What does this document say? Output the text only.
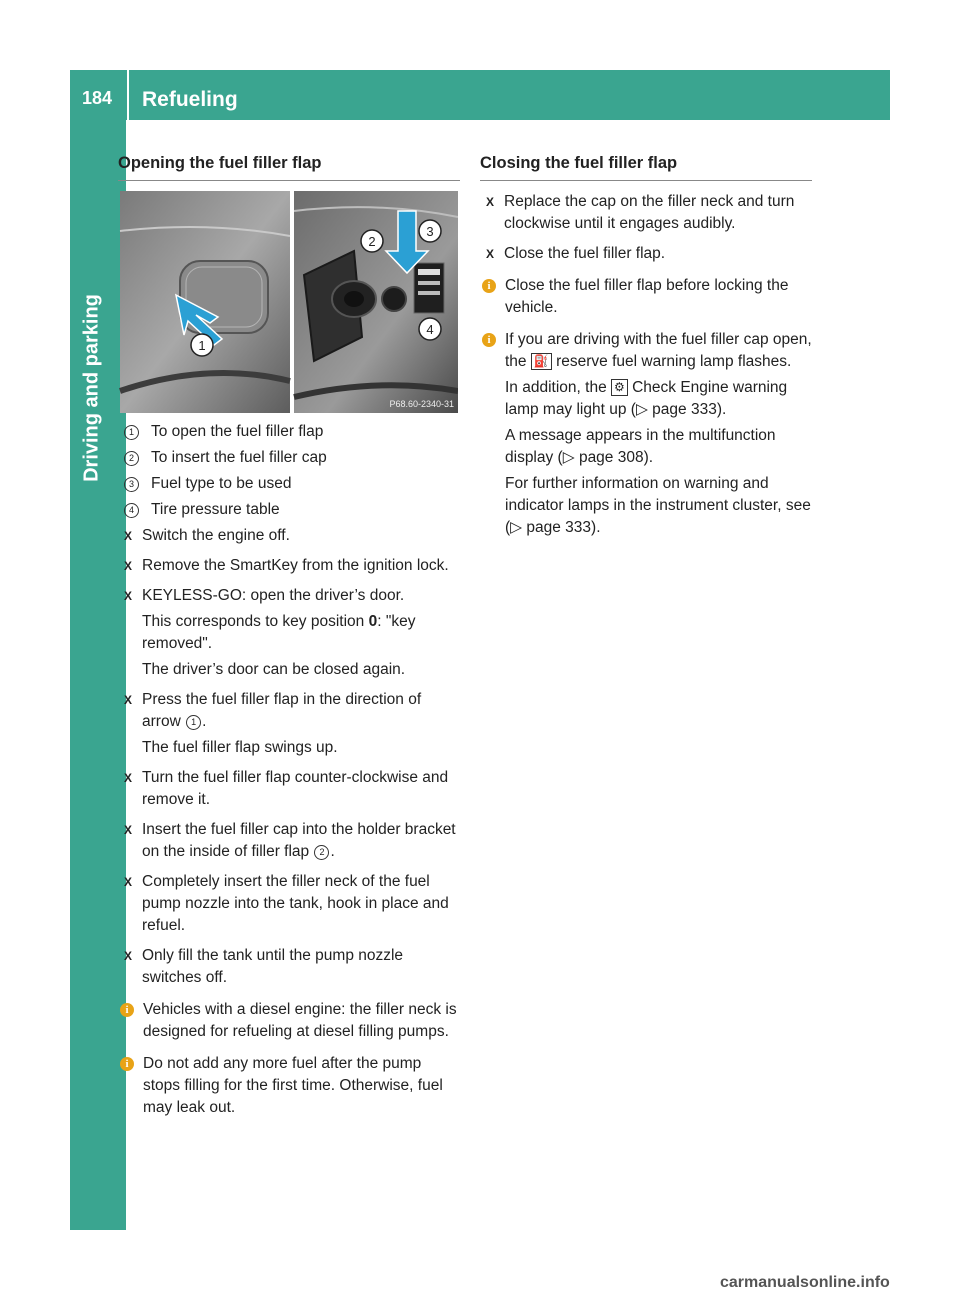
184 Refueling
Driving and parking
Opening the fuel filler flap
1
2
3
4
P68.60-2340-31
1	To open the fuel filler flap
2	To insert the fuel filler cap
3	Fuel type to be used
4	Tire pressure table
X Switch the engine off.

X Remove the SmartKey from the ignition lock.

X KEYLESS-GO: open the driver’s door.

This corresponds to key position 0: "key removed".

The driver’s door can be closed again.

X Press the fuel filler flap in the direction of arrow 1 .

The fuel filler flap swings up.

X Turn the fuel filler flap counter-clockwise and remove it.

X Insert the fuel filler cap into the holder bracket on the inside of filler flap 2 .

X Completely insert the filler neck of the fuel pump nozzle into the tank, hook in place and refuel.

X Only fill the tank until the pump nozzle switches off.

i Vehicles with a diesel engine: the filler neck is designed for refueling at diesel filling pumps.

i Do not add any more fuel after the pump stops filling for the first time. Otherwise, fuel may leak out.

Closing the fuel filler flap
X Replace the cap on the filler neck and turn clockwise until it engages audibly.

X Close the fuel filler flap.

i Close the fuel filler flap before locking the vehicle.

i If you are driving with the fuel filler cap open, the ⛽ reserve fuel warning lamp flashes.

In addition, the ⚙ Check Engine warning lamp may light up (▷ page 333).

A message appears in the multifunction display (▷ page 308).

For further information on warning and indicator lamps in the instrument cluster, see (▷ page 333).

carmanualsonline.info
